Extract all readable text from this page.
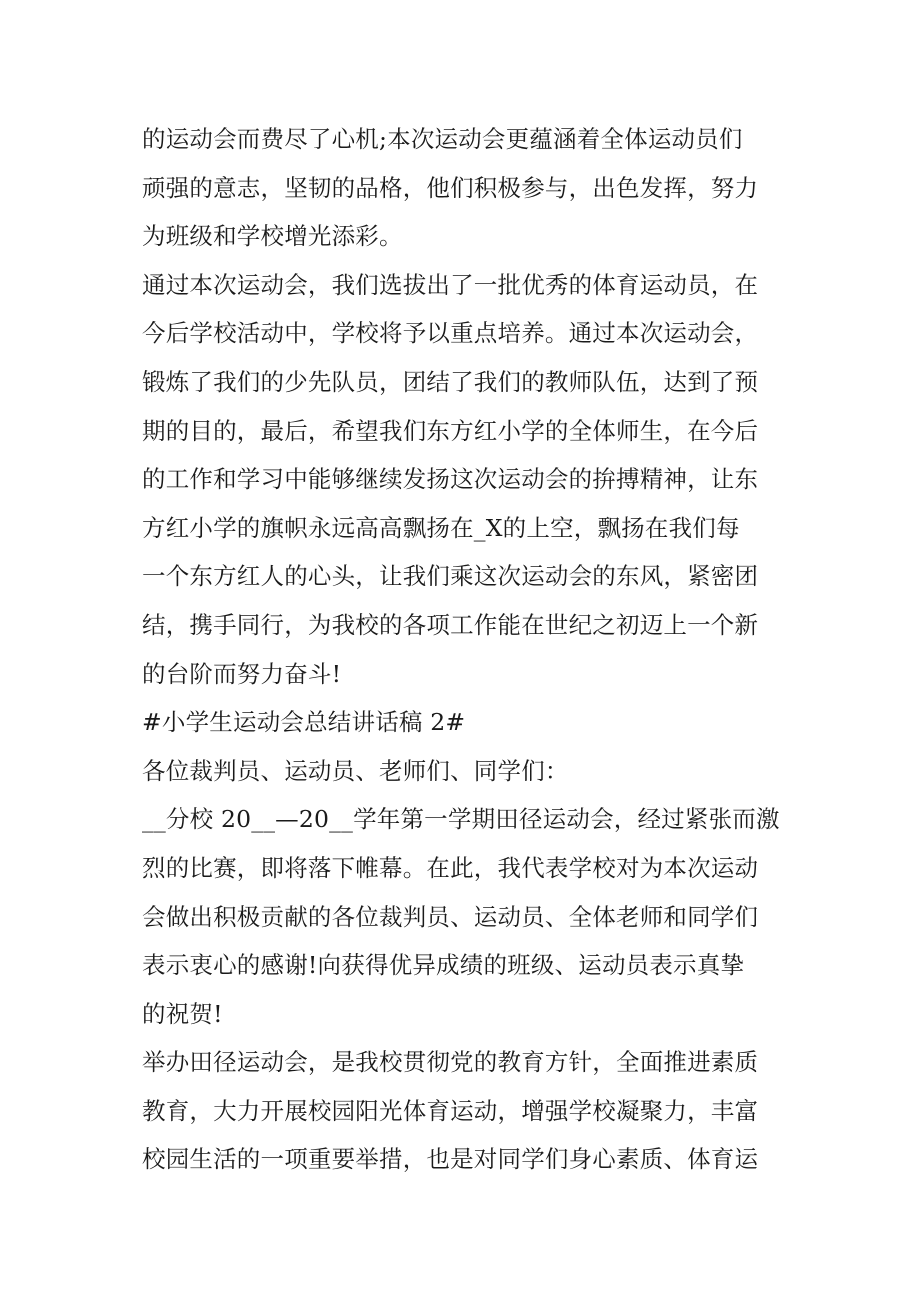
的运动会而费尽了心机;本次运动会更蕴涵着全体运动员们
顽强的意志，坚韧的品格，他们积极参与，出色发挥，努力
为班级和学校增光添彩。
通过本次运动会，我们选拔出了一批优秀的体育运动员，在
今后学校活动中，学校将予以重点培养。通过本次运动会，
锻炼了我们的少先队员，团结了我们的教师队伍，达到了预
期的目的，最后，希望我们东方红小学的全体师生，在今后
的工作和学习中能够继续发扬这次运动会的拚搏精神，让东
方红小学的旗帜永远高高飘扬在_X的上空，飘扬在我们每
一个东方红人的心头，让我们乘这次运动会的东风，紧密团
结，携手同行，为我校的各项工作能在世纪之初迈上一个新
的台阶而努力奋斗!
#小学生运动会总结讲话稿 2#
各位裁判员、运动员、老师们、同学们：
__分校 20__—20__学年第一学期田径运动会，经过紧张而激
烈的比赛，即将落下帷幕。在此，我代表学校对为本次运动
会做出积极贡献的各位裁判员、运动员、全体老师和同学们
表示衷心的感谢!向获得优异成绩的班级、运动员表示真挚
的祝贺!
举办田径运动会，是我校贯彻党的教育方针，全面推进素质
教育，大力开展校园阳光体育运动，增强学校凝聚力，丰富
校园生活的一项重要举措，也是对同学们身心素质、体育运
